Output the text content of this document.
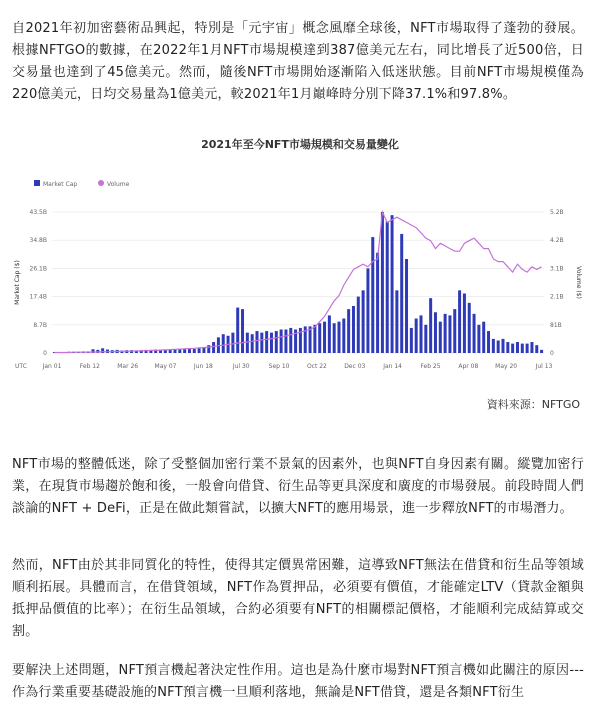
自2021年初加密藝術品興起，特別是「元宇宙」概念風靡全球後，NFT市場取得了蓬勃的發展。根據NFTGO的數據，在2022年1月NFT市場規模達到387億美元左右，同比增長了近500倍，日交易量也達到了45億美元。然而，隨後NFT市場開始逐漸陷入低迷狀態。目前NFT市場規模僅為220億美元，日均交易量為1億美元，較2021年1月巔峰時分別下降37.1%和97.8%。

2021年至今NFT市場規模和交易量變化
Market Cap	Volume
0	0
8.7B	81B
17.4B	2.1B
26.1B	3.1B
34.8B	4.2B
43.5B	5.2B
Market Cap ($)	Volume ($)
UTC	Jan 01	Feb 12	Mar 26	May 07	Jun 18	Jul 30	Sep 10	Oct 22	Dec 03	Jan 14	Feb 25	Apr 08	May 20	Jul 13
資料來源：NFTGO

NFT市場的整體低迷，除了受整個加密行業不景氣的因素外，也與NFT自身因素有關。縱覽加密行業，在現貨市場趨於飽和後，一般會向借貸、衍生品等更具深度和廣度的市場發展。前段時間人們談論的NFT + DeFi，正是在做此類嘗試，以擴大NFT的應用場景，進一步釋放NFT的市場潛力。

然而，NFT由於其非同質化的特性，使得其定價異常困難，這導致NFT無法在借貸和衍生品等領域順利拓展。具體而言，在借貸領域，NFT作為質押品，必須要有價值，才能確定LTV（貸款金額與抵押品價值的比率）；在衍生品領域，合約必須要有NFT的相關標記價格，才能順利完成結算或交割。

要解決上述問題，NFT預言機起著決定性作用。這也是為什麼市場對NFT預言機如此關注的原因---作為行業重要基礎設施的NFT預言機一旦順利落地，無論是NFT借貸，還是各類NFT衍生
